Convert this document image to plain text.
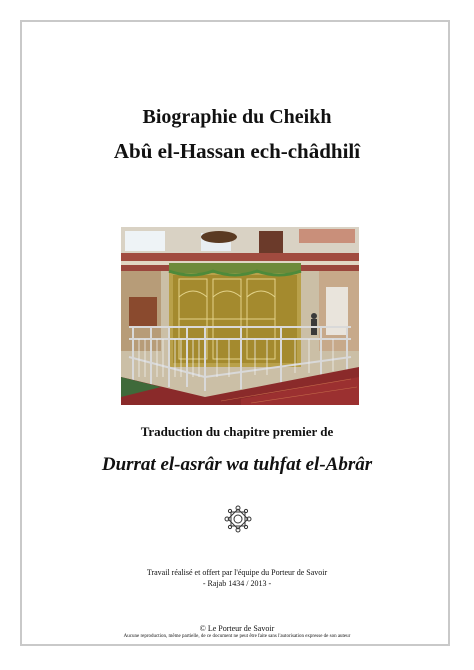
Biographie du Cheikh
Abû el-Hassan ech-châdhilî
Traduction du chapitre premier de
Durrat el-asrâr wa tuhfat el-Abrâr
Travail réalisé et offert par l'équipe du Porteur de Savoir
- Rajab 1434 / 2013 -
© Le Porteur de Savoir
Aucune reproduction, même partielle, de ce document ne peut être faite sans l'autorisation expresse de son auteur
